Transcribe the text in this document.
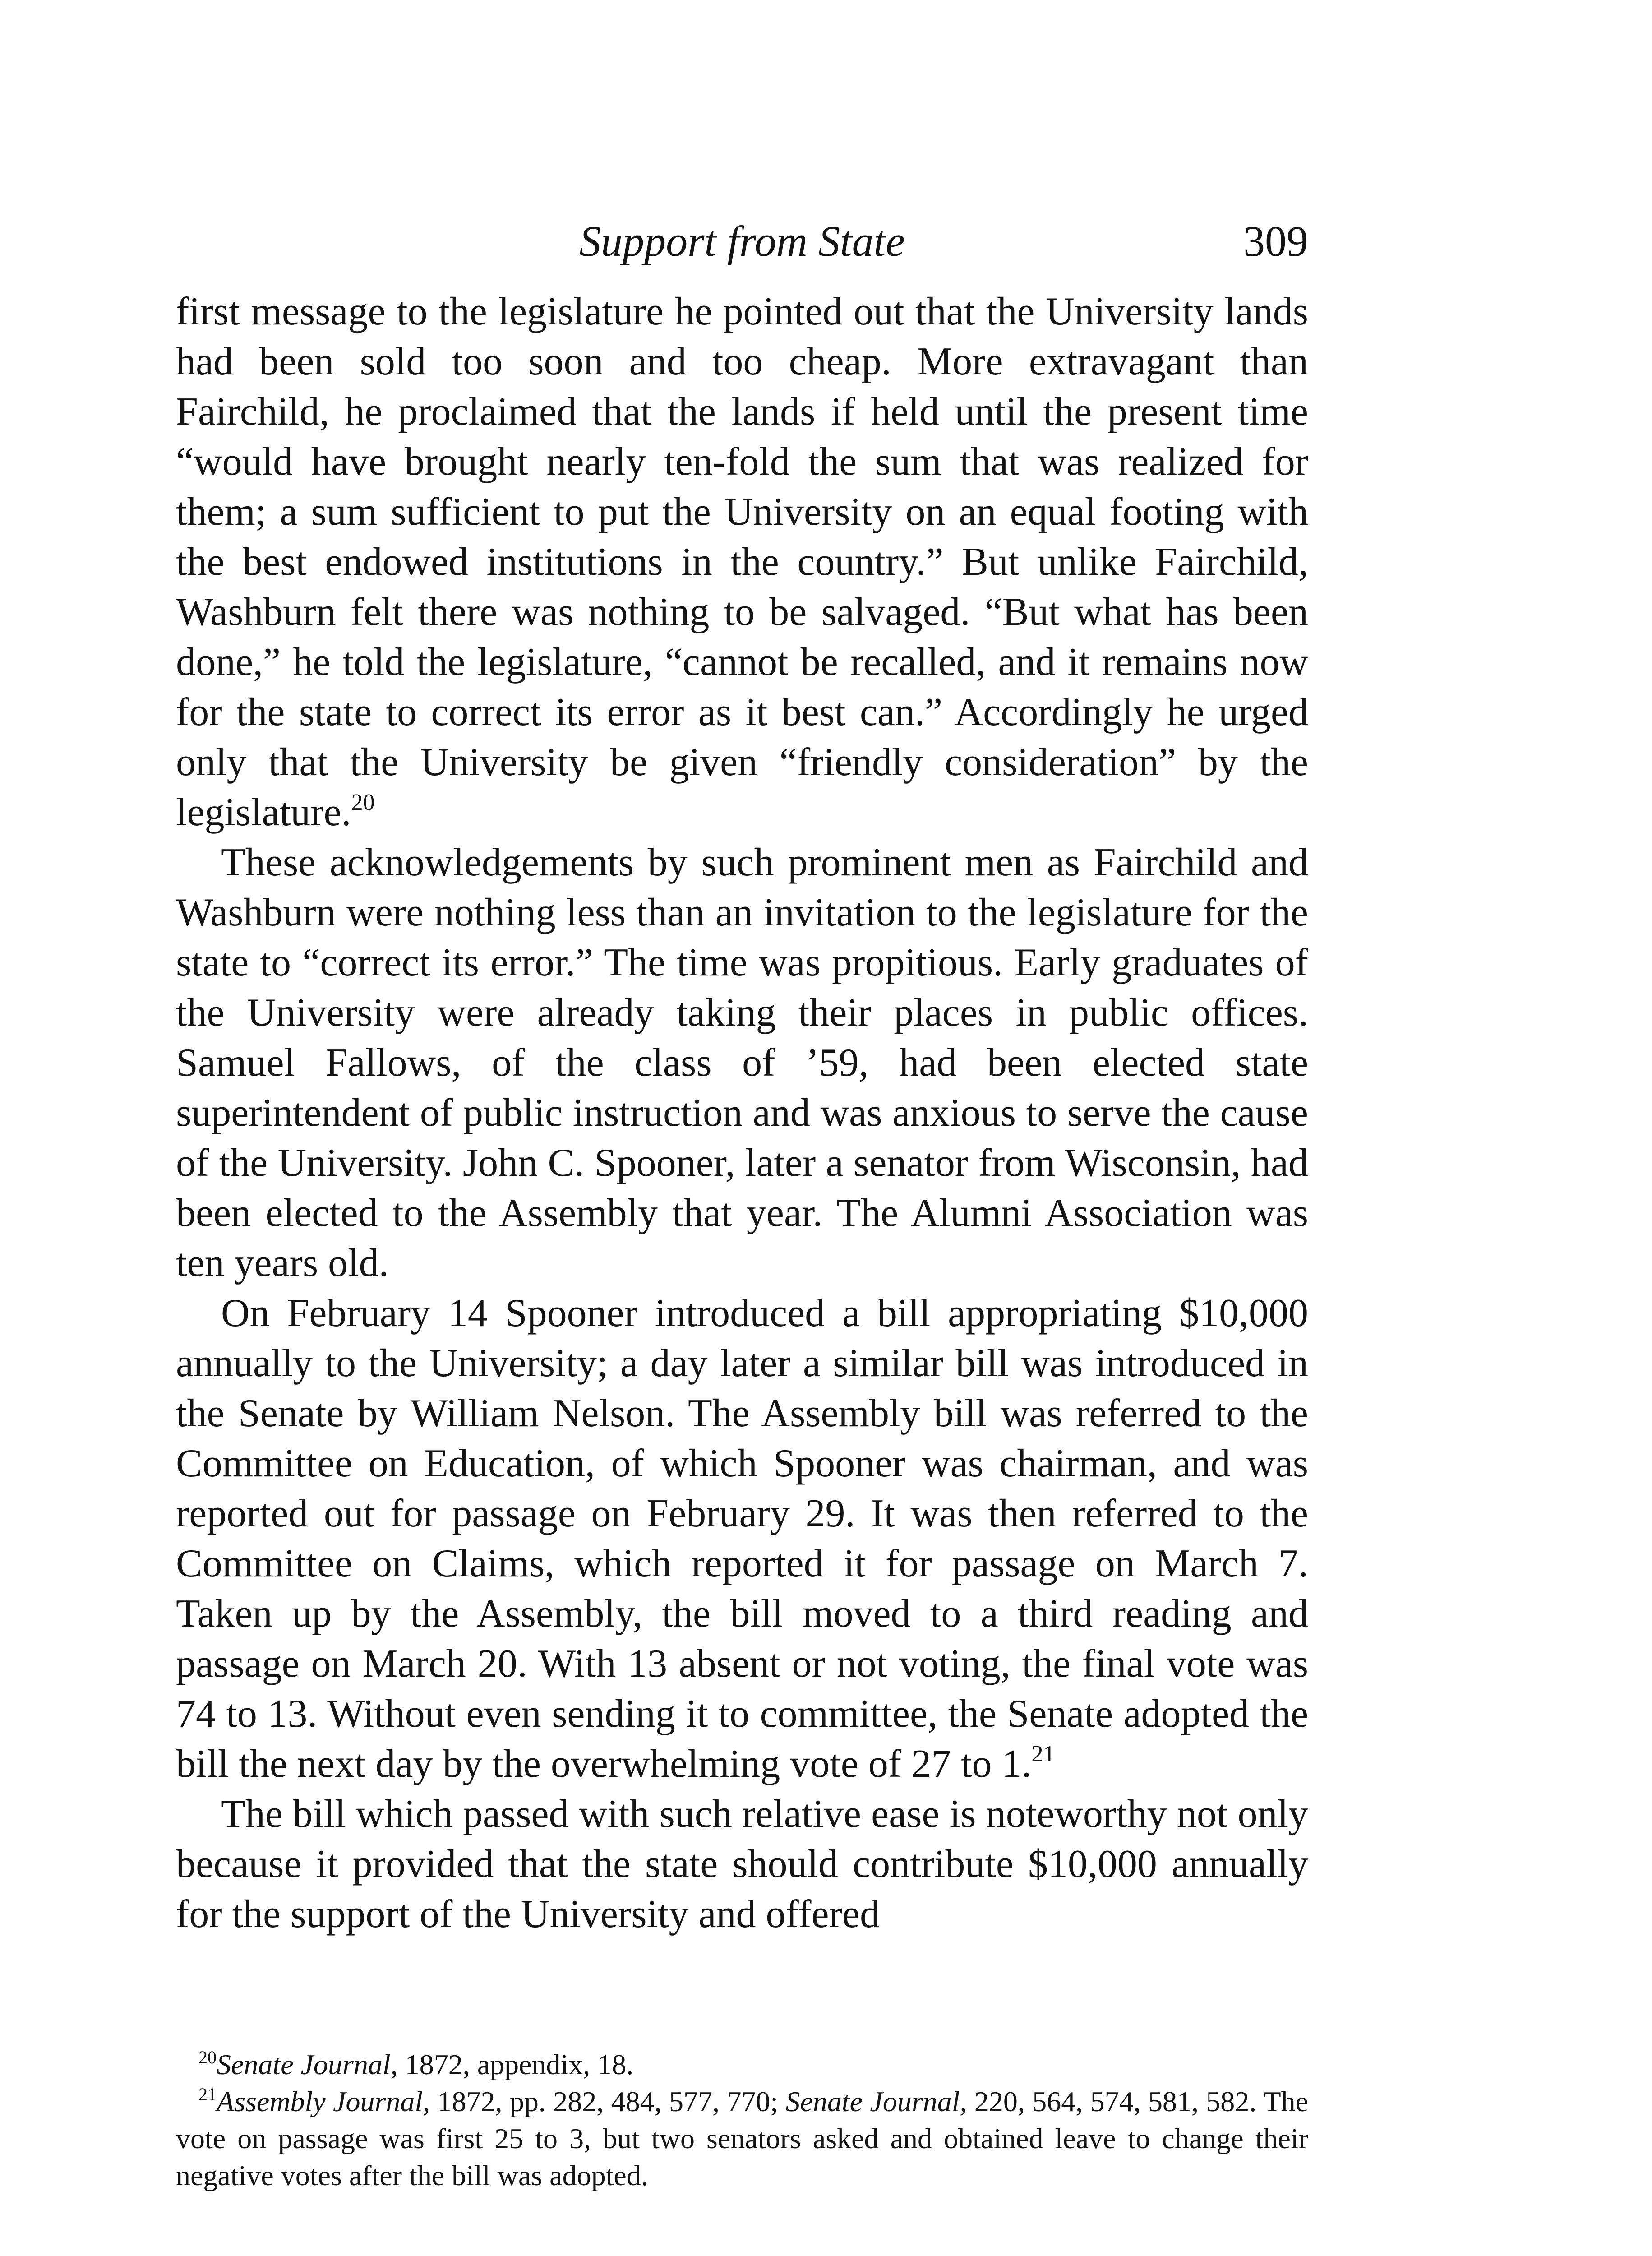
Support from State	309

first message to the legislature he pointed out that the University lands had been sold too soon and too cheap. More extravagant than Fairchild, he proclaimed that the lands if held until the present time “would have brought nearly ten-fold the sum that was realized for them; a sum sufficient to put the University on an equal footing with the best endowed institutions in the country.” But unlike Fairchild, Washburn felt there was nothing to be salvaged. “But what has been done,” he told the legislature, “cannot be recalled, and it remains now for the state to correct its error as it best can.” Accordingly he urged only that the University be given “friendly consideration” by the legislature.$^{20}$

These acknowledgements by such prominent men as Fairchild and Washburn were nothing less than an invitation to the legislature for the state to “correct its error.” The time was propitious. Early graduates of the University were already taking their places in public offices. Samuel Fallows, of the class of ’59, had been elected state superintendent of public instruction and was anxious to serve the cause of the University. John C. Spooner, later a senator from Wisconsin, had been elected to the Assembly that year. The Alumni Association was ten years old.

On February 14 Spooner introduced a bill appropriating $10,000 annually to the University; a day later a similar bill was introduced in the Senate by William Nelson. The Assembly bill was referred to the Committee on Education, of which Spooner was chairman, and was reported out for passage on February 29. It was then referred to the Committee on Claims, which reported it for passage on March 7. Taken up by the Assembly, the bill moved to a third reading and passage on March 20. With 13 absent or not voting, the final vote was 74 to 13. Without even sending it to committee, the Senate adopted the bill the next day by the overwhelming vote of 27 to 1.21

The bill which passed with such relative ease is noteworthy not only because it provided that the state should contribute $10,000 annually for the support of the University and offered

$^{20}$Senate Journal, 1872, appendix, 18.

$^{21}$Assembly Journal, 1872, pp. 282, 484, 577, 770; Senate Journal, 220, 564, 574, 581, 582. The vote on passage was first 25 to 3, but two senators asked and obtained leave to change their negative votes after the bill was adopted.
